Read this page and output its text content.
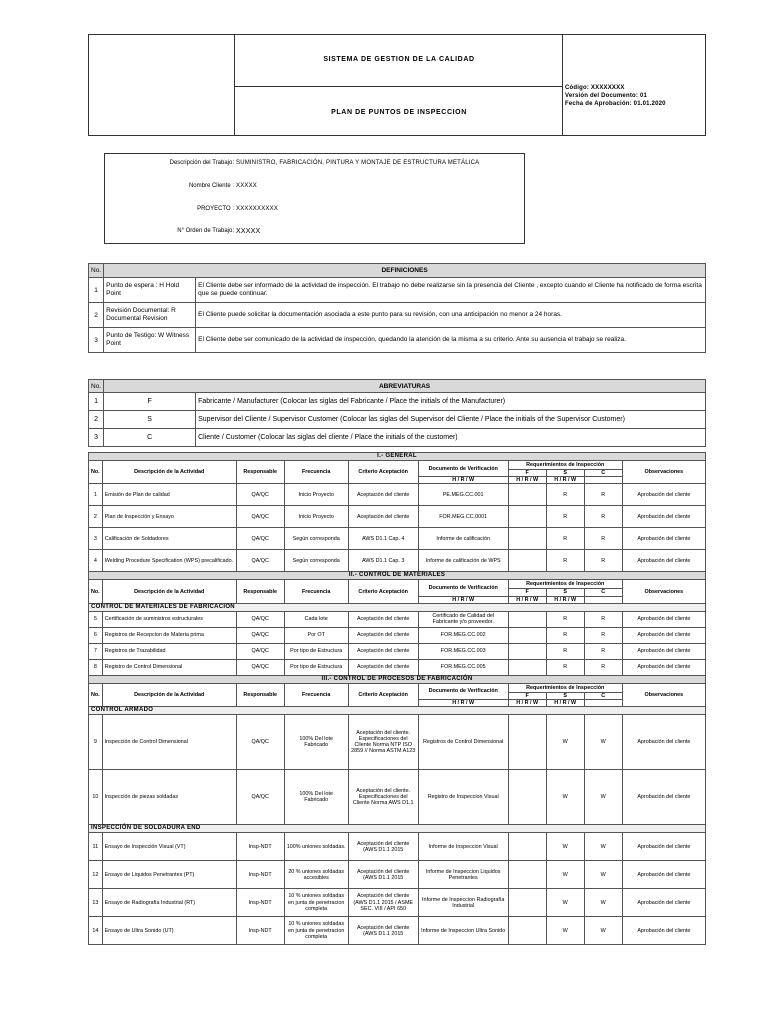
SISTEMA DE GESTION DE LA CALIDAD
PLAN DE PUNTOS DE INSPECCION
Código: XXXXXXXX
Versión del Documento: 01
Fecha de Aprobación: 01.01.2020
Descripción del Trabajo: SUMINISTRO, FABRICACIÓN, PINTURA Y MONTAJE DE ESTRUCTURA METÁLICA
Nombre Cliente : XXXXX
PROYECTO : XXXXXXXXXX
N° Orden de Trabajo: XXXXX
No.	DEFINICIONES	
1	Punto de espera : H Hold Point	El Cliente debe ser informado de la actividad de inspección. El trabajo no debe realizarse sin la presencia del Cliente , excepto cuando el Cliente ha notificado de forma escrita que se puede continuar.
2	Revisión Documental: R Documental Revision	El Cliente puede solicitar la documentación asociada a este punto para su revisión, con una anticipación no menor a 24 horas.
3	Punto de Testigo: W Witness Point	El Cliente debe ser comunicado de la actividad de inspección, quedando la atención de la misma a su criterio. Ante su ausencia el trabajo se realiza.
No.	ABREVIATURAS	
1	F	Fabricante / Manufacturer (Colocar las siglas del Fabricante / Place the initials of the Manufacturer)
2	S	Supervisor del Cliente / Supervisor Customer (Colocar las siglas del Supervisor del Cliente / Place the initials of the Supervisor Customer)
3	C	Cliente / Customer (Colocar las siglas del cliente / Place the initials of the customer)
I.- GENERAL									
No.	Descripción de la Actividad	Responsable	Frecuencia	Criterio Aceptación	Documento de Verificación	Requerimientos de Inspección			Observaciones
						F	S	C	
					H / R / W	H / R / W	H / R / W		
1	Emisión de Plan de calidad	QA/QC	Inicio Proyecto	Aceptación del cliente	PE.MEG.CC.001		R	R	Aprobación del cliente
2	Plan de Inspección y Ensayo	QA/QC	Inicio Proyecto	Aceptación del cliente	FOR.MEG.CC.0001		R	R	Aprobación del cliente
3	Calificación de Soldadores	QA/QC	Según corresponda	AWS D1.1 Cap. 4	Informe de calificación		R	R	Aprobación del cliente
4	Welding Procedure Specification (WPS) precalificado.	QA/QC	Según corresponda	AWS D1.1 Cap. 3	Informe de calificación de WPS		R	R	Aprobación del cliente
II.- CONTROL DE MATERIALES									
No.	Descripción de la Actividad	Responsable	Frecuencia	Criterio Aceptación	Documento de Verificación	Requerimientos de Inspección			Observaciones
						F	S	C	
					H / R / W	H / R / W	H / R / W		
CONTROL DE MATERIALES DE FABRICACION									
5	Certificación de suministros estructurales	QA/QC	Cada lote	Aceptación del cliente	Certificado de Calidad del Fabricante y/o proveedor.		R	R	Aprobación del cliente
6	Registros de Recepcion de Materia prima	QA/QC	Por OT	Aceptación del cliente	FOR.MEG.CC.002		R	R	Aprobación del cliente
7	Registros de Trazabilidad	QA/QC	Por tipo de Estructura	Aceptación del cliente	FOR.MEG.CC.003		R	R	Aprobación del cliente
8	Registro de Control Dimensional	QA/QC	Por tipo de Estructura	Aceptación del cliente	FOR.MEG.CC.005		R	R	Aprobación del cliente
III.- CONTROL DE PROCESOS DE FABRICACIÓN									
No.	Descripción de la Actividad	Responsable	Frecuencia	Criterio Aceptación	Documento de Verificación	Requerimientos de Inspección			Observaciones
						F	S	C	
					H / R / W	H / R / W	H / R / W		
CONTROL ARMADO									
9	Inspección de Control Dimensional	QA/QC	100% Del lote Fabricado	Aceptación del cliente. Especificaciones del Cliente Norma NTP ISO 2859 // Norma ASTM A123	Registros de Control Dimensional		W	W	Aprobación del cliente
10	Inspección de piezas soldadas	QA/QC	100% Del lote Fabricado	Aceptación del cliente. Especificaciones del Cliente Norma AWS D1.1	Registro de Inspeccion Visual		W	W	Aprobación del cliente
INSPECCIÓN DE SOLDADURA END									
11	Ensayo de Inspección Visual (VT)	Insp-NDT	100% uniones soldadas.	Aceptación del cliente (AWS D1.1 2015	Informe de Inspeccion Visual		W	W	Aprobación del cliente
12	Ensayo de Liquidos Penetrantes (PT)	Insp-NDT	20 % uniones soldadas accesibles	Aceptación del cliente (AWS D1.1 2015	Informe de Inspeccion Liquidos Penetrantes		W	W	Aprobación del cliente
13	Ensayo de Radiografía Industrial (RT)	Insp-NDT	10 % uniones soldadas en junta de penetracion completa	Aceptación del cliente (AWS D1.1 2015 / ASME SEC. VIII / API 650	Informe de Inspeccion Radiografía Industrial		W	W	Aprobación del cliente
14	Ensayo de Ultra Sonido (UT)	Insp-NDT	10 % uniones soldadas en junta de penetracion completa	Aceptación del cliente (AWS D1.1 2015	Informe de Inspeccion Ultra Sonido		W	W	Aprobación del cliente
